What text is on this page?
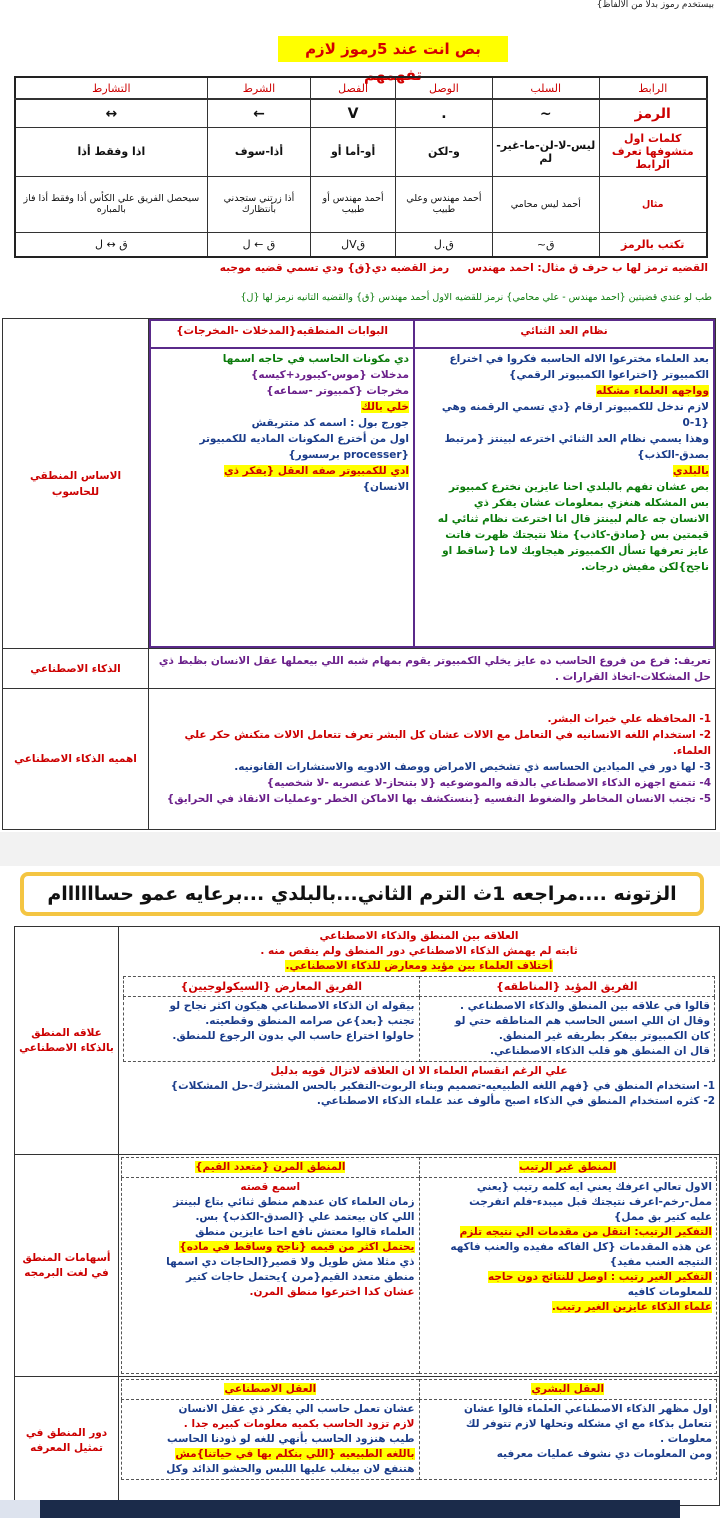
بيستخدم رموز بدلا من الالفاظ}
بص انت عند 5رموز لازم تفهمهم
الرابط	السلب	الوصل	الفصل	الشرط	التشارط
الرمز	~	.	V	←	↔
كلمات اول متشوفها تعرف الرابط	ليس-لا-لن-ما-غير-لم	و-لكن	أو-أما أو	أذا-سوف	اذا وفقط أذا
مثال	أحمد ليس محامي	أحمد مهندس وعلي طبيب	أحمد مهندس أو طبيب	أذا زرتني ستجدني بأنتظارك	سيحصل الفريق علي الكأس أذا وفقط أذا فاز بالمباره
تكتب بالرمز	ق~	ق.ل	قVل	ق ← ل	ق ↔ ل
القضيه ترمز لها ب حرف ق مثال: احمد مهندس     رمز القضيه دي{ق} ودي تسمي قضيه موجبه
طب لو عندي قضيتين {احمد مهندس - علي محامي} نرمز للقضيه الاول أحمد مهندس {ق} والقضيه التانيه نرمز لها {ل}
نظام العد الثنائي	البوابات المنطقيه{المدخلات -المخرجات}

بعد العلماء مخترعوا الاله الحاسبه فكروا في اختراع
الكمبيوتر {اختراعوا الكمبيوتر الرقمي}
وواجهه العلماء مشكله
لازم ندخل للكمبيوتر ارقام {دي تسمي الرقمنه وهي
{0-1
وهذا يسمي نظام العد الثنائي اخترعه لبينتز {مرتبط
بصدق-الكذب}
بالبلدي
بص عشان تفهم بالبلدي احنا عايزين نخترع كمبيوتر
بس المشكله هنغزي بمعلومات عشان يفكر ذي
الانسان جه عالم لبينتز قال انا اخترعت نظام ثنائي له
قيمتين بس {صادق-كاذب} مثلا نتيجتك ظهرت فاتت
عايز تعرفها تسأل الكمبيوتر هيجاوبك لاما {ساقط او
ناجح}لكن مفيش درجات.

دي مكونات الحاسب في حاجه اسمها
مدخلات {موس-كيبورد+كيسه}
مخرجات {كمبيوتر -سماعه}
خلي بالك
جورج بول : اسمه كد متتريقش
اول من أخترع المكونات الماديه للكمبيوتر
{processer برسسور}
ادي للكمبيوتر صفه العقل {يفكر ذي
الانسان}
	الاساس المنطقي للحاسوب
تعريف: فرع من فروع الحاسب ده عايز يخلي الكمبيوتر يقوم بمهام شبه اللي بيعملها عقل الانسان بظبط ذي حل المشكلات-اتخاذ القرارات .	الذكاء الاصطناعي

1- المحافظه علي خبرات البشر.
2- استخدام اللغه الانسانيه في التعامل مع الالات عشان كل البشر تعرف تتعامل الالات متكنش حكر علي العلماء.
3- لها دور في الميادين الحساسه ذي تشخيص الامراض ووصف الادويه والاستشارات القانونيه.
4- تتمتع اجهزه الذكاء الاصطناعي بالدقه والموضوعيه {لا بتنحاز-لا عنصريه -لا شخصيه}
5- تجنب الانسان المخاطر والضغوط النفسيه {بنستكشف بها الاماكن الخطر -وعمليات الانقاذ في الحرايق}
	اهميه الذكاء الاصطناعي
الزتونه ....مراجعه 1ث الترم الثاني...بالبلدي ...برعايه عمو حساااااام
العلاقه بين المنطق والذكاء الاصطناعي
ثابته لم يهمش الذكاء الاصطناعي دور المنطق ولم ينقص منه .
أختلاف العلماء بين مؤيد ومعارض للذكاء الاصطناعي.
الفريق المؤيد {المناطقه}	الفريق المعارض {السيكولوجيين}

قالوا في علاقه بين المنطق والذكاء الاصطناعي .
وقال ان اللي اسس الحاسب هم المناطقه حتي لو
كان الكمبيوتر بيفكر بطريقه غير المنطق.
قال ان المنطق هو قلب الذكاء الاصطناعي.

بيقوله ان الذكاء الاصطناعي هيكون اكثر نجاح لو
تجنب {بعد}عن صرامه المنطق وقطعيته.
حاولوا اختراع حاسب الي بدون الرجوع للمنطق.
علي الرغم انقسام العلماء الا ان العلاقه لاتزال قويه بدليل
1- استخدام المنطق في {فهم اللغه الطبيعيه-تصميم وبناء الربوت-التفكير بالحس المشترك-حل المشكلات}
2- كثره استخدام المنطق في الذكاء اصبح مألوف عند علماء الذكاء الاصطناعي.
	علاقه المنطق بالذكاء الاصطناعي

المنطق غير الرتيب	المنطق المرن {متعدد القيم}

الاول تعالي اعرفك يعني ايه كلمه رتيب {يعني
ممل-رخم-اعرف نتيجتك قبل ميبدء-فلم اتفرجت
عليه كتير بق ممل}
التفكير الرتيب: انتقل من مقدمات الي نتيجه تلزم
عن هذه المقدمات {كل الفاكه مفيده والعنب فاكهه
النتيجه العنب مفيد}
التفكير الغير رتيب : اوصل للنتائج دون حاجه
للمعلومات كافيه
علماء الذكاء عايزين الغير رتيب.

اسمع قصته
زمان العلماء كان عندهم منطق ثنائي بتاع لبينتز
اللي كان بيعتمد علي {الصدق-الكذب} بس.
العلماء قالوا معتش نافع احنا عايزين منطق
يحتمل اكثر من قيمه {ناجح وساقط في ماده}
ذي مثلا مش طويل ولا قصير{الحاجات دي اسمها
منطق متعدد القيم{مرن }يحتمل حاجات كتير
عشان كدا اخترعوا منطق المرن.
	أسهامات المنطق في لغت البرمجه

العقل البشري	العقل الاصطناعي

اول مظهر الذكاء الاصطناعي العلماء قالوا عشان
تتعامل بذكاء مع اي مشكله وتحلها لازم تتوفر لك
معلومات .
ومن المعلومات دي نشوف عمليات معرفيه

عشان تعمل حاسب الي يفكر ذي عقل الانسان
لازم تزود الحاسب بكميه معلومات كبيره جدا .
طيب هنزود الحاسب بأنهي للغه لو ذودنا الحاسب
باللغه الطبيعيه {اللي بنكلم بها في حياتنا}مش
هتنفع لان بيغلب عليها اللبس والحشو الذائد وكل
	دور المنطق في تمثيل المعرفه
